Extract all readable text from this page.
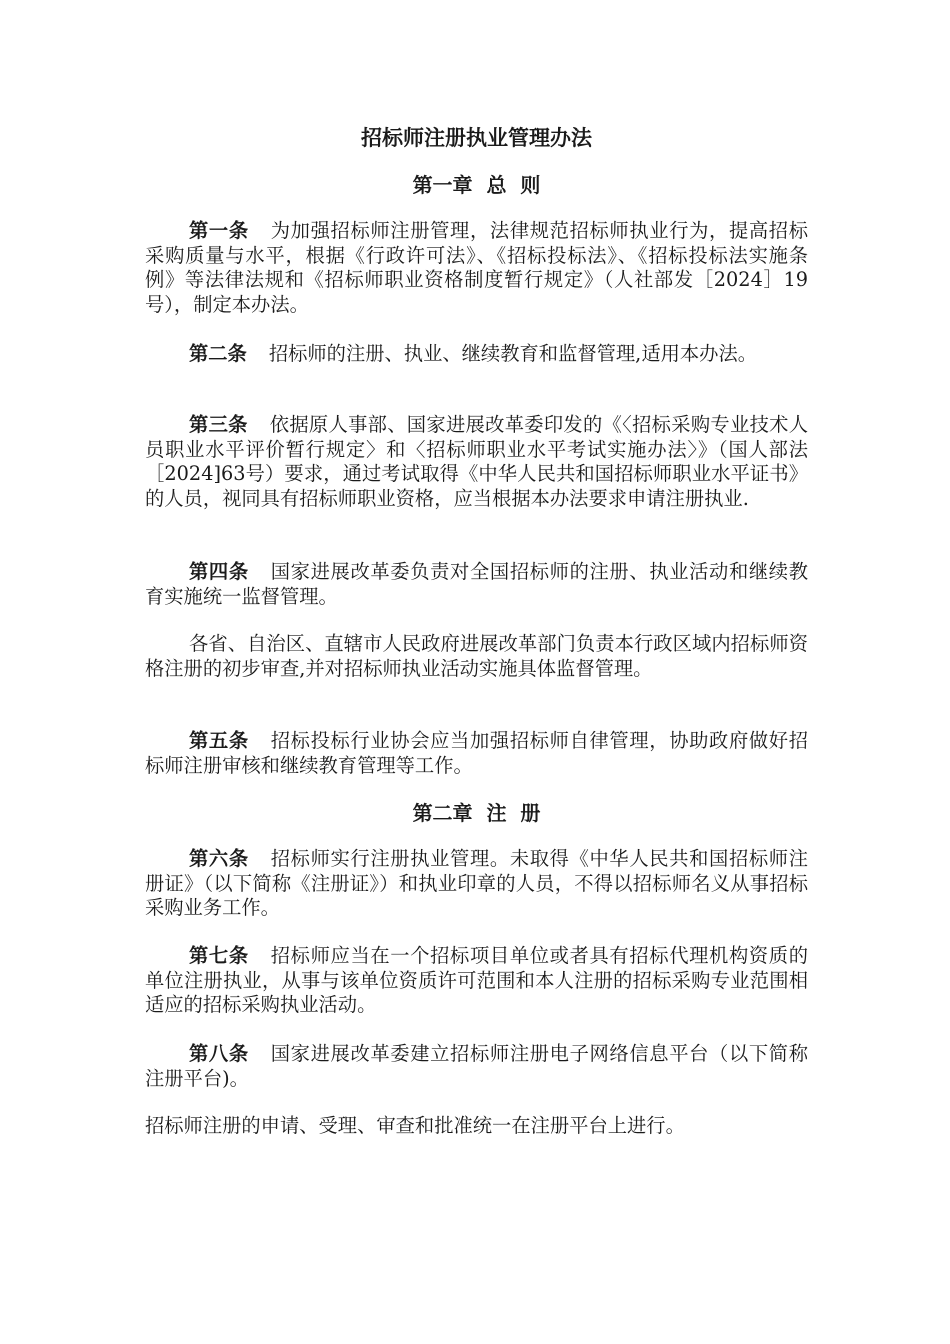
招标师注册执业管理办法
第一章  总  则
第一条 为加强招标师注册管理，法律规范招标师执业行为，提高招标采购质量与水平，根据《行政许可法》、《招标投标法》、《招标投标法实施条例》等法律法规和《招标师职业资格制度暂行规定》（人社部发［2024］19号），制定本办法。
第二条 招标师的注册、执业、继续教育和监督管理,适用本办法。
第三条 依据原人事部、国家进展改革委印发的《〈招标采购专业技术人员职业水平评价暂行规定〉和〈招标师职业水平考试实施办法〉》（国人部法［2024]63号）要求，通过考试取得《中华人民共和国招标师职业水平证书》的人员，视同具有招标师职业资格，应当根据本办法要求申请注册执业.
第四条 国家进展改革委负责对全国招标师的注册、执业活动和继续教育实施统一监督管理。
各省、自治区、直辖市人民政府进展改革部门负责本行政区域内招标师资格注册的初步审查,并对招标师执业活动实施具体监督管理。
第五条 招标投标行业协会应当加强招标师自律管理，协助政府做好招标师注册审核和继续教育管理等工作。
第二章  注  册
第六条 招标师实行注册执业管理。未取得《中华人民共和国招标师注册证》（以下简称《注册证》）和执业印章的人员，不得以招标师名义从事招标采购业务工作。
第七条 招标师应当在一个招标项目单位或者具有招标代理机构资质的单位注册执业，从事与该单位资质许可范围和本人注册的招标采购专业范围相适应的招标采购执业活动。
第八条 国家进展改革委建立招标师注册电子网络信息平台（以下简称注册平台)。
招标师注册的申请、受理、审查和批准统一在注册平台上进行。
